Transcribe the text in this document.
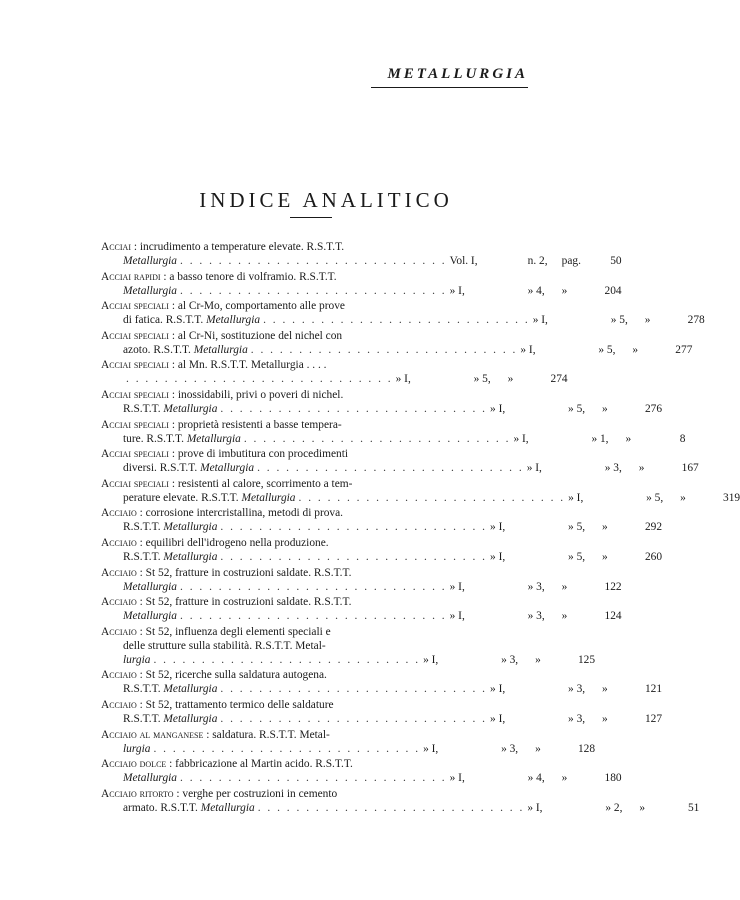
METALLURGIA
INDICE ANALITICO
Acciai : incrudimento a temperature elevate. R.S.T.T.
Metallurgia . . . . . . . . . . . . . . . . . . . . . . . . . . . . Vol. I,	n. 2,	pag.	50
Acciai rapidi : a basso tenore di volframio. R.S.T.T.
Metallurgia . . . . . . . . . . . . . . . . . . . . . . . . . . . . » I,	» 4,	»	204
Acciai speciali : al Cr-Mo, comportamento alle prove
di fatica. R.S.T.T. Metallurgia . . . . . . . . . . . . . . . . . . . . . . . . . . . . » I,	» 5,	»	278
Acciai speciali : al Cr-Ni, sostituzione del nichel con
azoto. R.S.T.T. Metallurgia . . . . . . . . . . . . . . . . . . . . . . . . . . . . » I,	» 5,	»	277
Acciai speciali : al Mn. R.S.T.T. Metallurgia . . . .
. . . . . . . . . . . . . . . . . . . . . . . . . . . . » I,	» 5,	»	274
Acciai speciali : inossidabili, privi o poveri di nichel.
R.S.T.T. Metallurgia . . . . . . . . . . . . . . . . . . . . . . . . . . . . » I,	» 5,	»	276
Acciai speciali : proprietà resistenti a basse tempera-
ture. R.S.T.T. Metallurgia . . . . . . . . . . . . . . . . . . . . . . . . . . . . » I,	» 1,	»	8
Acciai speciali : prove di imbutitura con procedimenti
diversi. R.S.T.T. Metallurgia . . . . . . . . . . . . . . . . . . . . . . . . . . . . » I,	» 3,	»	167
Acciai speciali : resistenti al calore, scorrimento a tem-
perature elevate. R.S.T.T. Metallurgia . . . . . . . . . . . . . . . . . . . . . . . . . . . . » I,	» 5,	»	319
Acciaio : corrosione intercristallina, metodi di prova.
R.S.T.T. Metallurgia . . . . . . . . . . . . . . . . . . . . . . . . . . . . » I,	» 5,	»	292
Acciaio : equilibri dell'idrogeno nella produzione.
R.S.T.T. Metallurgia . . . . . . . . . . . . . . . . . . . . . . . . . . . . » I,	» 5,	»	260
Acciaio : St 52, fratture in costruzioni saldate. R.S.T.T.
Metallurgia . . . . . . . . . . . . . . . . . . . . . . . . . . . . » I,	» 3,	»	122
Acciaio : St 52, fratture in costruzioni saldate. R.S.T.T.
Metallurgia . . . . . . . . . . . . . . . . . . . . . . . . . . . . » I,	» 3,	»	124
Acciaio : St 52, influenza degli elementi speciali e
delle strutture sulla stabilità. R.S.T.T. Metal-
lurgia . . . . . . . . . . . . . . . . . . . . . . . . . . . . » I,	» 3,	»	125
Acciaio : St 52, ricerche sulla saldatura autogena.
R.S.T.T. Metallurgia . . . . . . . . . . . . . . . . . . . . . . . . . . . . » I,	» 3,	»	121
Acciaio : St 52, trattamento termico delle saldature
R.S.T.T. Metallurgia . . . . . . . . . . . . . . . . . . . . . . . . . . . . » I,	» 3,	»	127
Acciaio al manganese : saldatura. R.S.T.T. Metal-
lurgia . . . . . . . . . . . . . . . . . . . . . . . . . . . . » I,	» 3,	»	128
Acciaio dolce : fabbricazione al Martin acido. R.S.T.T.
Metallurgia . . . . . . . . . . . . . . . . . . . . . . . . . . . . » I,	» 4,	»	180
Acciaio ritorto : verghe per costruzioni in cemento
armato. R.S.T.T. Metallurgia . . . . . . . . . . . . . . . . . . . . . . . . . . . . » I,	» 2,	»	51
